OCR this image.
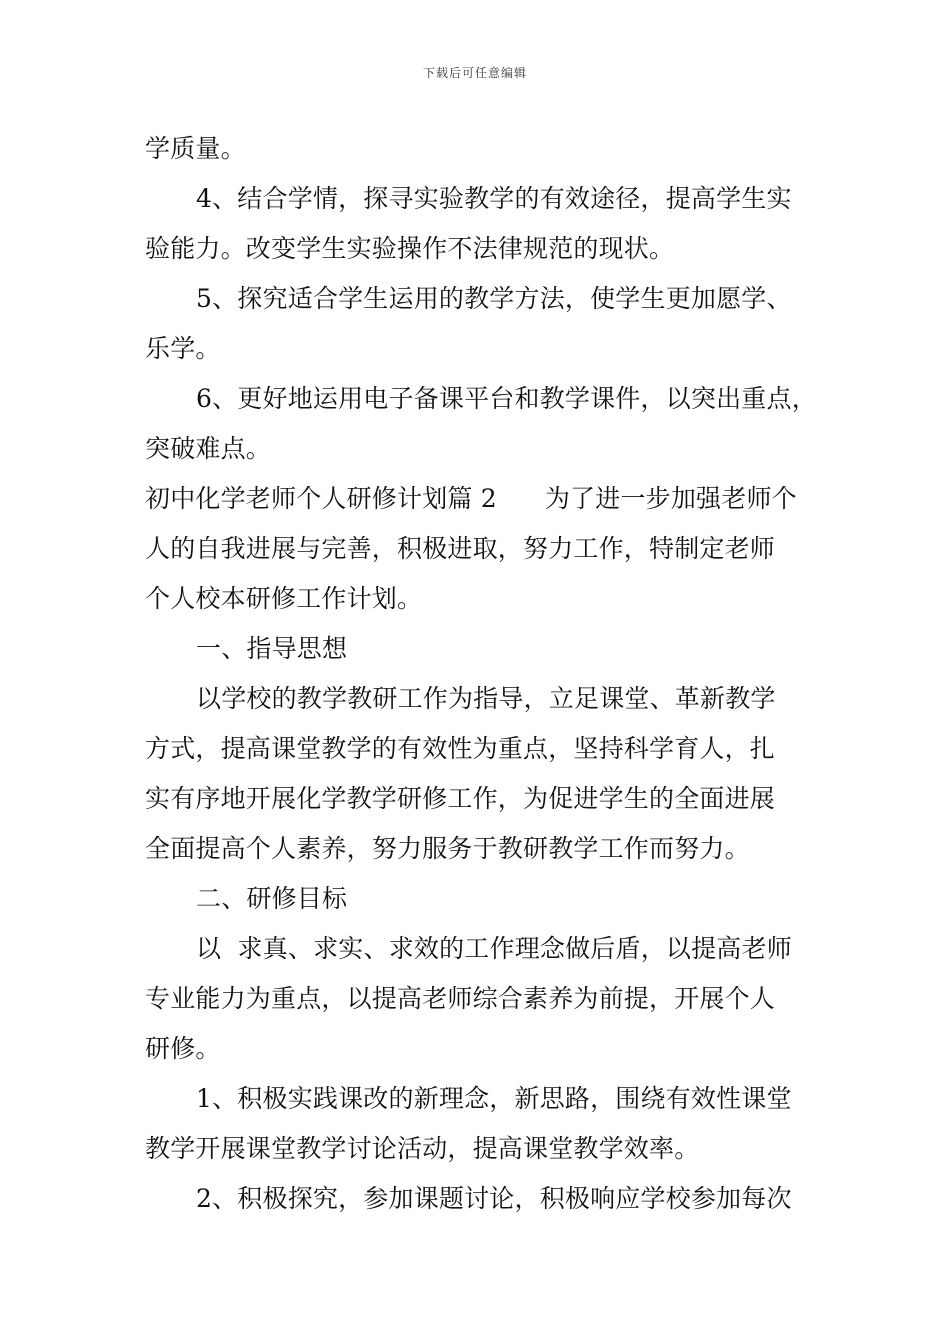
下载后可任意编辑
学质量。
4、结合学情，探寻实验教学的有效途径，提高学生实
验能力。改变学生实验操作不法律规范的现状。
5、探究适合学生运用的教学方法，使学生更加愿学、
乐学。
6、更好地运用电子备课平台和教学课件，以突出重点，
突破难点。
初中化学老师个人研修计划篇 2 为了进一步加强老师个
人的自我进展与完善，积极进取，努力工作，特制定老师
个人校本研修工作计划。
一、指导思想
以学校的教学教研工作为指导，立足课堂、革新教学
方式，提高课堂教学的有效性为重点，坚持科学育人，扎
实有序地开展化学教学研修工作，为促进学生的全面进展
全面提高个人素养，努力服务于教研教学工作而努力。
二、研修目标
以  求真、求实、求效的工作理念做后盾，以提高老师
专业能力为重点，以提高老师综合素养为前提，开展个人
研修。
1、积极实践课改的新理念，新思路，围绕有效性课堂
教学开展课堂教学讨论活动，提高课堂教学效率。
2、积极探究，参加课题讨论，积极响应学校参加每次
